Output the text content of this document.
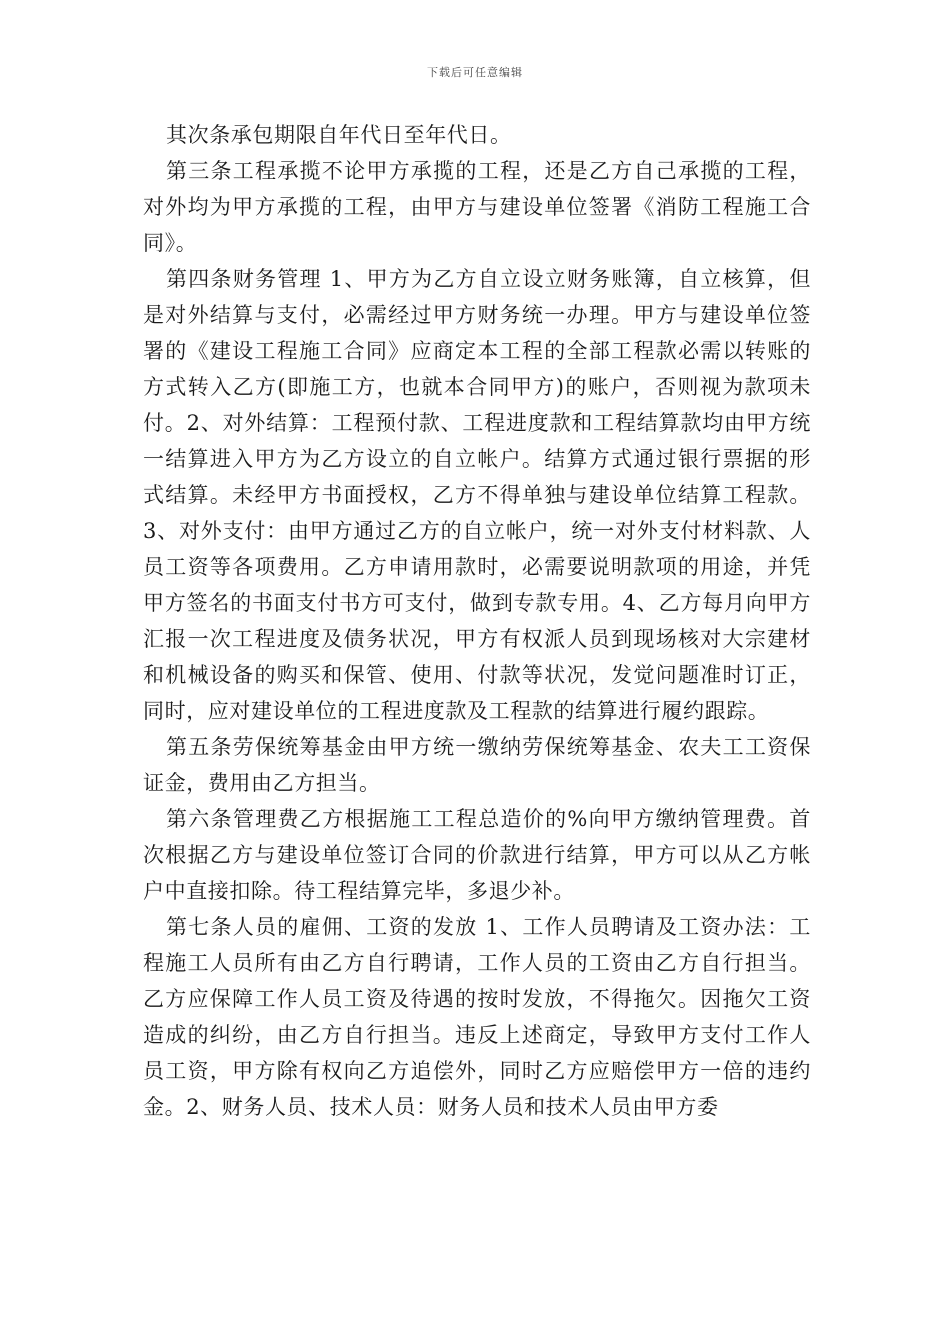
下载后可任意编辑

其次条承包期限自年代日至年代日。

第三条工程承揽不论甲方承揽的工程，还是乙方自己承揽的工程，对外均为甲方承揽的工程，由甲方与建设单位签署《消防工程施工合同》。

第四条财务管理 1、甲方为乙方自立设立财务账簿，自立核算，但是对外结算与支付，必需经过甲方财务统一办理。甲方与建设单位签署的《建设工程施工合同》应商定本工程的全部工程款必需以转账的方式转入乙方(即施工方，也就本合同甲方)的账户，否则视为款项未付。2、对外结算：工程预付款、工程进度款和工程结算款均由甲方统一结算进入甲方为乙方设立的自立帐户。结算方式通过银行票据的形式结算。未经甲方书面授权，乙方不得单独与建设单位结算工程款。3、对外支付：由甲方通过乙方的自立帐户，统一对外支付材料款、人员工资等各项费用。乙方申请用款时，必需要说明款项的用途，并凭甲方签名的书面支付书方可支付，做到专款专用。4、乙方每月向甲方汇报一次工程进度及债务状况，甲方有权派人员到现场核对大宗建材和机械设备的购买和保管、使用、付款等状况，发觉问题准时订正，同时，应对建设单位的工程进度款及工程款的结算进行履约跟踪。

第五条劳保统筹基金由甲方统一缴纳劳保统筹基金、农夫工工资保证金，费用由乙方担当。

第六条管理费乙方根据施工工程总造价的%向甲方缴纳管理费。首次根据乙方与建设单位签订合同的价款进行结算，甲方可以从乙方帐户中直接扣除。待工程结算完毕，多退少补。

第七条人员的雇佣、工资的发放 1、工作人员聘请及工资办法：工程施工人员所有由乙方自行聘请，工作人员的工资由乙方自行担当。乙方应保障工作人员工资及待遇的按时发放，不得拖欠。因拖欠工资造成的纠纷，由乙方自行担当。违反上述商定，导致甲方支付工作人员工资，甲方除有权向乙方追偿外，同时乙方应赔偿甲方一倍的违约金。2、财务人员、技术人员：财务人员和技术人员由甲方委
